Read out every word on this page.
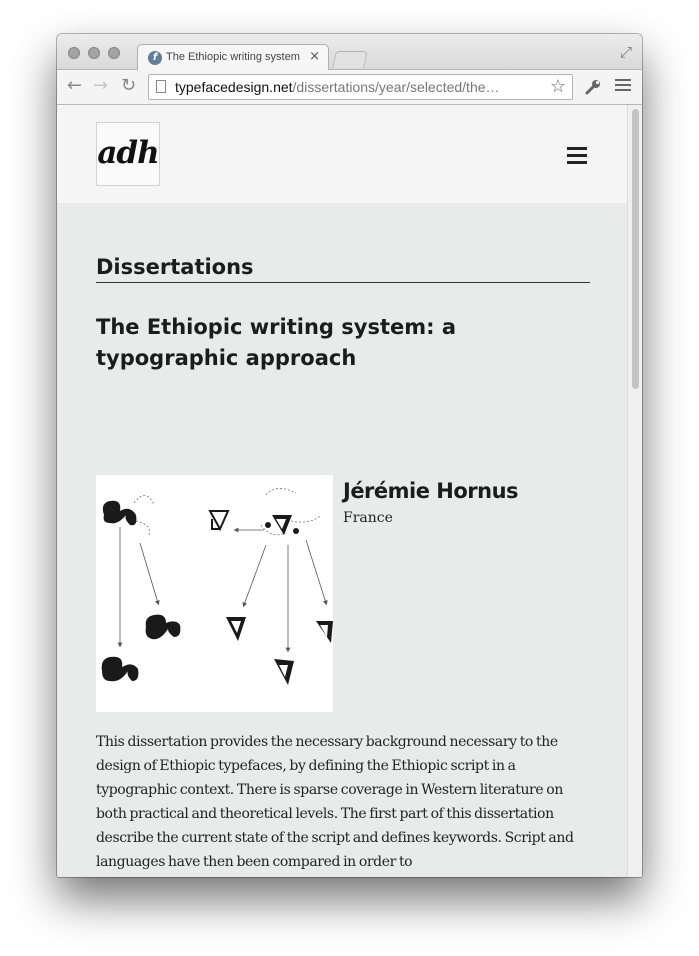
f The Ethiopic writing system ×	⤢
← → ↻	typefacedesign.net/dissertations/year/selected/the…	☆
adh
Dissertations
The Ethiopic writing system: a typographic approach
Jérémie Hornus
France
This dissertation provides the necessary background necessary to the design of Ethiopic typefaces, by defining the Ethiopic script in a typographic context. There is sparse coverage in Western literature on both practical and theoretical levels. The first part of this dissertation describe the current state of the script and defines keywords. Script and languages have then been compared in order to
